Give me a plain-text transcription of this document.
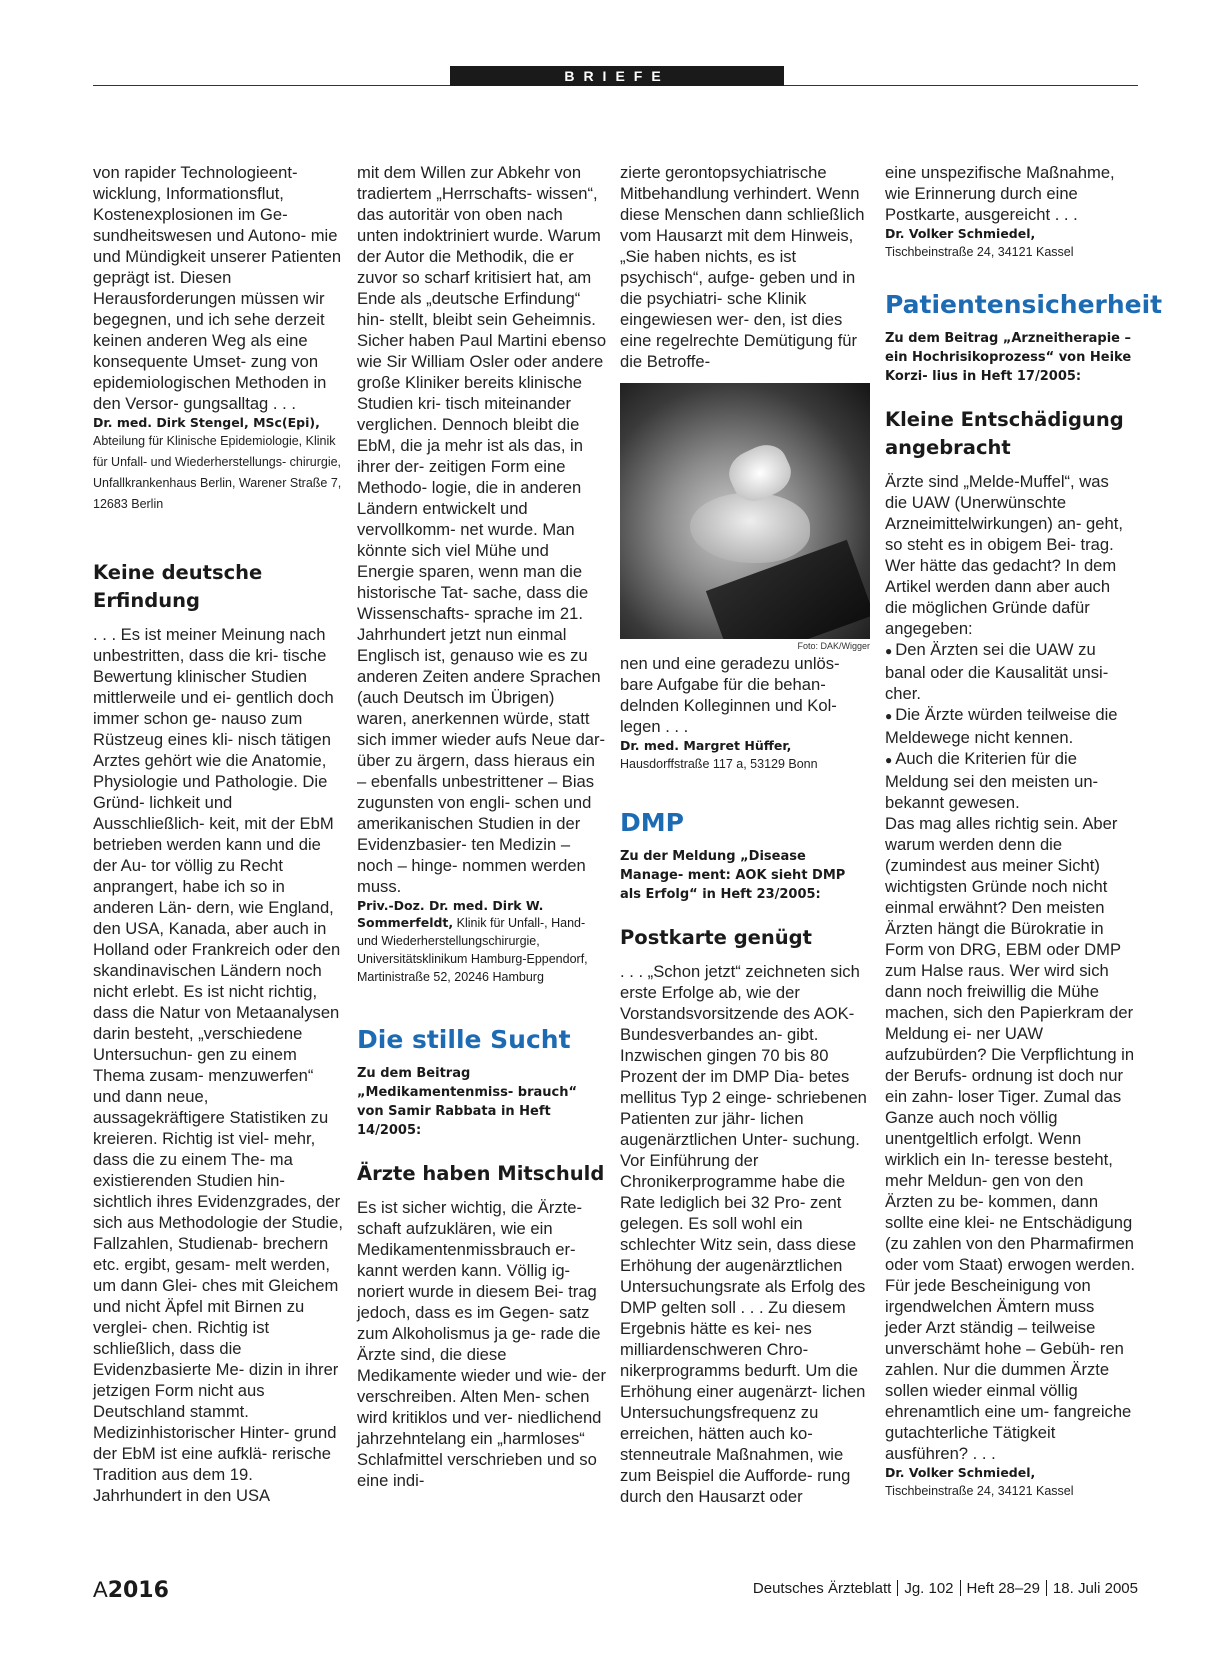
BRIEFE

von rapider Technologieent- wicklung, Informationsflut, Kostenexplosionen im Ge- sundheitswesen und Autono- mie und Mündigkeit unserer Patienten geprägt ist. Diesen Herausforderungen müssen wir begegnen, und ich sehe derzeit keinen anderen Weg als eine konsequente Umset- zung von epidemiologischen Methoden in den Versor- gungsalltag . . .

Dr. med. Dirk Stengel, MSc(Epi),

Abteilung für Klinische Epidemiologie, Klinik für Unfall- und Wiederherstellungs- chirurgie, Unfallkrankenhaus Berlin, Warener Straße 7, 12683 Berlin

Keine deutsche Erfindung

. . . Es ist meiner Meinung nach unbestritten, dass die kri- tische Bewertung klinischer Studien mittlerweile und ei- gentlich doch immer schon ge- nauso zum Rüstzeug eines kli- nisch tätigen Arztes gehört wie die Anatomie, Physiologie und Pathologie. Die Gründ- lichkeit und Ausschließlich- keit, mit der EbM betrieben werden kann und die der Au- tor völlig zu Recht anprangert, habe ich so in anderen Län- dern, wie England, den USA, Kanada, aber auch in Holland oder Frankreich oder den skandinavischen Ländern noch nicht erlebt. Es ist nicht richtig, dass die Natur von Metaanalysen darin besteht, „verschiedene Untersuchun- gen zu einem Thema zusam- menzuwerfen“ und dann neue, aussagekräftigere Statistiken zu kreieren. Richtig ist viel- mehr, dass die zu einem The- ma existierenden Studien hin- sichtlich ihres Evidenzgrades, der sich aus Methodologie der Studie, Fallzahlen, Studienab- brechern etc. ergibt, gesam- melt werden, um dann Glei- ches mit Gleichem und nicht Äpfel mit Birnen zu verglei- chen. Richtig ist schließlich, dass die Evidenzbasierte Me- dizin in ihrer jetzigen Form nicht aus Deutschland stammt. Medizinhistorischer Hinter- grund der EbM ist eine aufklä- rerische Tradition aus dem 19. Jahrhundert in den USA

mit dem Willen zur Abkehr von tradiertem „Herrschafts- wissen“, das autoritär von oben nach unten indoktriniert wurde. Warum der Autor die Methodik, die er zuvor so scharf kritisiert hat, am Ende als „deutsche Erfindung“ hin- stellt, bleibt sein Geheimnis. Sicher haben Paul Martini ebenso wie Sir William Osler oder andere große Kliniker bereits klinische Studien kri- tisch miteinander verglichen. Dennoch bleibt die EbM, die ja mehr ist als das, in ihrer der- zeitigen Form eine Methodo- logie, die in anderen Ländern entwickelt und vervollkomm- net wurde. Man könnte sich viel Mühe und Energie sparen, wenn man die historische Tat- sache, dass die Wissenschafts- sprache im 21. Jahrhundert jetzt nun einmal Englisch ist, genauso wie es zu anderen Zeiten andere Sprachen (auch Deutsch im Übrigen) waren, anerkennen würde, statt sich immer wieder aufs Neue dar- über zu ärgern, dass hieraus ein – ebenfalls unbestrittener – Bias zugunsten von engli- schen und amerikanischen Studien in der Evidenzbasier- ten Medizin – noch – hinge- nommen werden muss.

Priv.-Doz. Dr. med. Dirk W. Sommerfeldt, Klinik für Unfall-, Hand- und Wiederherstellungschirurgie, Universitätsklinikum Hamburg-Eppendorf, Martinistraße 52, 20246 Hamburg

Die stille Sucht

Zu dem Beitrag „Medikamentenmiss- brauch“ von Samir Rabbata in Heft 14/2005:

Ärzte haben Mitschuld

Es ist sicher wichtig, die Ärzte- schaft aufzuklären, wie ein Medikamentenmissbrauch er- kannt werden kann. Völlig ig- noriert wurde in diesem Bei- trag jedoch, dass es im Gegen- satz zum Alkoholismus ja ge- rade die Ärzte sind, die diese Medikamente wieder und wie- der verschreiben. Alten Men- schen wird kritiklos und ver- niedlichend jahrzehntelang ein „harmloses“ Schlafmittel verschrieben und so eine indi-

zierte gerontopsychiatrische Mitbehandlung verhindert. Wenn diese Menschen dann schließlich vom Hausarzt mit dem Hinweis, „Sie haben nichts, es ist psychisch“, aufge- geben und in die psychiatri- sche Klinik eingewiesen wer- den, ist dies eine regelrechte Demütigung für die Betroffe-

Foto: DAK/Wigger

nen und eine geradezu unlös- bare Aufgabe für die behan- delnden Kolleginnen und Kol- legen . . .

Dr. med. Margret Hüffer,

Hausdorffstraße 117 a, 53129 Bonn

DMP

Zu der Meldung „Disease Manage- ment: AOK sieht DMP als Erfolg“ in Heft 23/2005:

Postkarte genügt

. . . „Schon jetzt“ zeichneten sich erste Erfolge ab, wie der Vorstandsvorsitzende des AOK-Bundesverbandes an- gibt. Inzwischen gingen 70 bis 80 Prozent der im DMP Dia- betes mellitus Typ 2 einge- schriebenen Patienten zur jähr- lichen augenärztlichen Unter- suchung. Vor Einführung der Chronikerprogramme habe die Rate lediglich bei 32 Pro- zent gelegen. Es soll wohl ein schlechter Witz sein, dass diese Erhöhung der augenärztlichen Untersuchungsrate als Erfolg des DMP gelten soll . . . Zu diesem Ergebnis hätte es kei- nes milliardenschweren Chro- nikerprogramms bedurft. Um die Erhöhung einer augenärzt- lichen Untersuchungsfrequenz zu erreichen, hätten auch ko- stenneutrale Maßnahmen, wie zum Beispiel die Aufforde- rung durch den Hausarzt oder

eine unspezifische Maßnahme, wie Erinnerung durch eine Postkarte, ausgereicht . . .

Dr. Volker Schmiedel,

Tischbeinstraße 24, 34121 Kassel

Patientensicherheit

Zu dem Beitrag „Arzneitherapie – ein Hochrisikoprozess“ von Heike Korzi- lius in Heft 17/2005:

Kleine Entschädigung angebracht

Ärzte sind „Melde-Muffel“, was die UAW (Unerwünschte Arzneimittelwirkungen) an- geht, so steht es in obigem Bei- trag. Wer hätte das gedacht? In dem Artikel werden dann aber auch die möglichen Gründe dafür angegeben:

● Den Ärzten sei die UAW zu banal oder die Kausalität unsi- cher.

● Die Ärzte würden teilweise die Meldewege nicht kennen.

● Auch die Kriterien für die Meldung sei den meisten un- bekannt gewesen.

Das mag alles richtig sein. Aber warum werden denn die (zumindest aus meiner Sicht) wichtigsten Gründe noch nicht einmal erwähnt? Den meisten Ärzten hängt die Bürokratie in Form von DRG, EBM oder DMP zum Halse raus. Wer wird sich dann noch freiwillig die Mühe machen, sich den Papierkram der Meldung ei- ner UAW aufzubürden? Die Verpflichtung in der Berufs- ordnung ist doch nur ein zahn- loser Tiger. Zumal das Ganze auch noch völlig unentgeltlich erfolgt. Wenn wirklich ein In- teresse besteht, mehr Meldun- gen von den Ärzten zu be- kommen, dann sollte eine klei- ne Entschädigung (zu zahlen von den Pharmafirmen oder vom Staat) erwogen werden. Für jede Bescheinigung von irgendwelchen Ämtern muss jeder Arzt ständig – teilweise unverschämt hohe – Gebüh- ren zahlen. Nur die dummen Ärzte sollen wieder einmal völlig ehrenamtlich eine um- fangreiche gutachterliche Tätigkeit ausführen? . . .

Dr. Volker Schmiedel,

Tischbeinstraße 24, 34121 Kassel

A2016	Deutsches Ärzteblatt Jg. 102 Heft 28–29 18. Juli 2005
